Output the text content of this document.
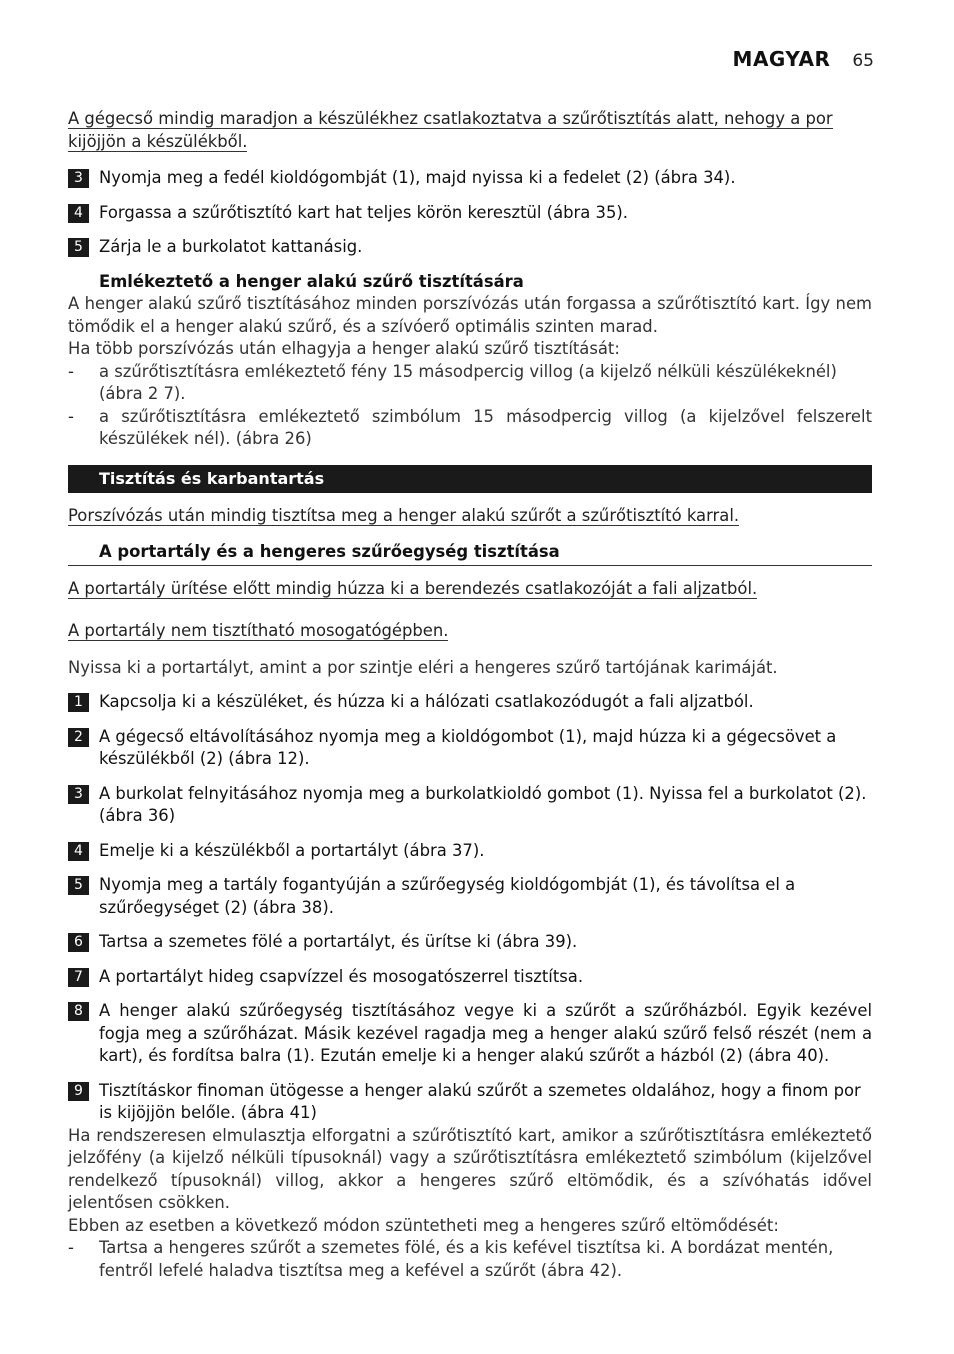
MAGYAR 65

A gégecső mindig maradjon a készülékhez csatlakoztatva a szűrőtisztítás alatt, nehogy a por kijöjjön a készülékből.

3 Nyomja meg a fedél kioldógombját (1), majd nyissa ki a fedelet (2) (ábra 34).
4 Forgassa a szűrőtisztító kart hat teljes körön keresztül (ábra 35).
5 Zárja le a burkolatot kattanásig.

Emlékeztető a henger alakú szűrő tisztítására

A henger alakú szűrő tisztításához minden porszívózás után forgassa a szűrőtisztító kart. Így nem tömődik el a henger alakú szűrő, és a szívóerő optimális szinten marad.

Ha több porszívózás után elhagyja a henger alakú szűrő tisztítását:

-	a szűrőtisztításra emlékeztető fény 15 másodpercig villog (a kijelző nélküli készülékeknél) (ábra 2 7).
-	a szűrőtisztításra emlékeztető szimbólum 15 másodpercig villog (a kijelzővel felszerelt készülékek nél). (ábra 26)
Tisztítás és karbantartás

Porszívózás után mindig tisztítsa meg a henger alakú szűrőt a szűrőtisztító karral.

A portartály és a hengeres szűrőegység tisztítása

A portartály ürítése előtt mindig húzza ki a berendezés csatlakozóját a fali aljzatból.

A portartály nem tisztítható mosogatógépben.

Nyissa ki a portartályt, amint a por szintje eléri a hengeres szűrő tartójának karimáját.

1 Kapcsolja ki a készüléket, és húzza ki a hálózati csatlakozódugót a fali aljzatból.
2 A gégecső eltávolításához nyomja meg a kioldógombot (1), majd húzza ki a gégecsövet a készülékből (2) (ábra 12).
3 A burkolat felnyitásához nyomja meg a burkolatkioldó gombot (1). Nyissa fel a burkolatot (2). (ábra 36)
4 Emelje ki a készülékből a portartályt (ábra 37).
5 Nyomja meg a tartály fogantyúján a szűrőegység kioldógombját (1), és távolítsa el a szűrőegységet (2) (ábra 38).
6 Tartsa a szemetes fölé a portartályt, és ürítse ki (ábra 39).
7 A portartályt hideg csapvízzel és mosogatószerrel tisztítsa.
8 A henger alakú szűrőegység tisztításához vegye ki a szűrőt a szűrőházból. Egyik kezével fogja meg a szűrőházat. Másik kezével ragadja meg a henger alakú szűrő felső részét (nem a kart), és fordítsa balra (1). Ezután emelje ki a henger alakú szűrőt a házból (2) (ábra 40).
9 Tisztításkor finoman ütögesse a henger alakú szűrőt a szemetes oldalához, hogy a finom por is kijöjjön belőle. (ábra 41)

Ha rendszeresen elmulasztja elforgatni a szűrőtisztító kart, amikor a szűrőtisztításra emlékeztető jelzőfény (a kijelző nélküli típusoknál) vagy a szűrőtisztításra emlékeztető szimbólum (kijelzővel rendelkező típusoknál) villog, akkor a hengeres szűrő eltömődik, és a szívóhatás idővel jelentősen csökken.

Ebben az esetben a következő módon szüntetheti meg a hengeres szűrő eltömődését:

-	Tartsa a hengeres szűrőt a szemetes fölé, és a kis kefével tisztítsa ki. A bordázat mentén, fentről lefelé haladva tisztítsa meg a kefével a szűrőt (ábra 42).
